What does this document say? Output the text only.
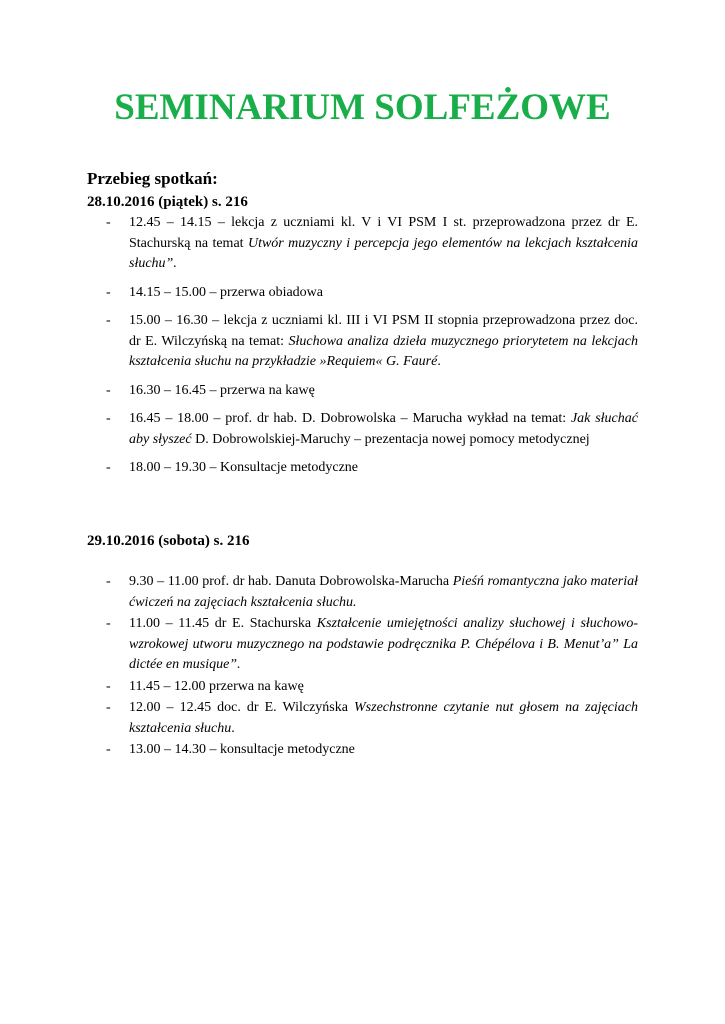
SEMINARIUM SOLFEŻOWE
Przebieg spotkań:
28.10.2016 (piątek) s. 216
- 12.45 – 14.15 – lekcja z uczniami kl. V i VI PSM I st. przeprowadzona przez dr E. Stachurską na temat Utwór muzyczny i percepcja jego elementów na lekcjach kształcenia słuchu”.
- 14.15 – 15.00 – przerwa obiadowa
- 15.00 – 16.30 – lekcja z uczniami kl. III i VI PSM II stopnia przeprowadzona przez doc. dr E. Wilczyńską na temat: Słuchowa analiza dzieła muzycznego priorytetem na lekcjach kształcenia słuchu na przykładzie »Requiem« G. Fauré.
- 16.30 – 16.45 – przerwa na kawę
- 16.45 – 18.00 – prof. dr hab. D. Dobrowolska – Marucha wykład na temat: Jak słuchać aby słyszeć D. Dobrowolskiej-Maruchy – prezentacja nowej pomocy metodycznej
- 18.00 – 19.30 – Konsultacje metodyczne
29.10.2016 (sobota) s. 216
- 9.30 – 11.00 prof. dr hab. Danuta Dobrowolska-Marucha Pieśń romantyczna jako materiał ćwiczeń na zajęciach kształcenia słuchu.
- 11.00 – 11.45 dr E. Stachurska Kształcenie umiejętności analizy słuchowej i słuchowo-wzrokowej utworu muzycznego na podstawie podręcznika P. Chépélova i B. Menut’a” La dictée en musique”.
- 11.45 – 12.00 przerwa na kawę
- 12.00 – 12.45 doc. dr E. Wilczyńska Wszechstronne czytanie nut głosem na zajęciach kształcenia słuchu.
- 13.00 – 14.30 – konsultacje metodyczne
